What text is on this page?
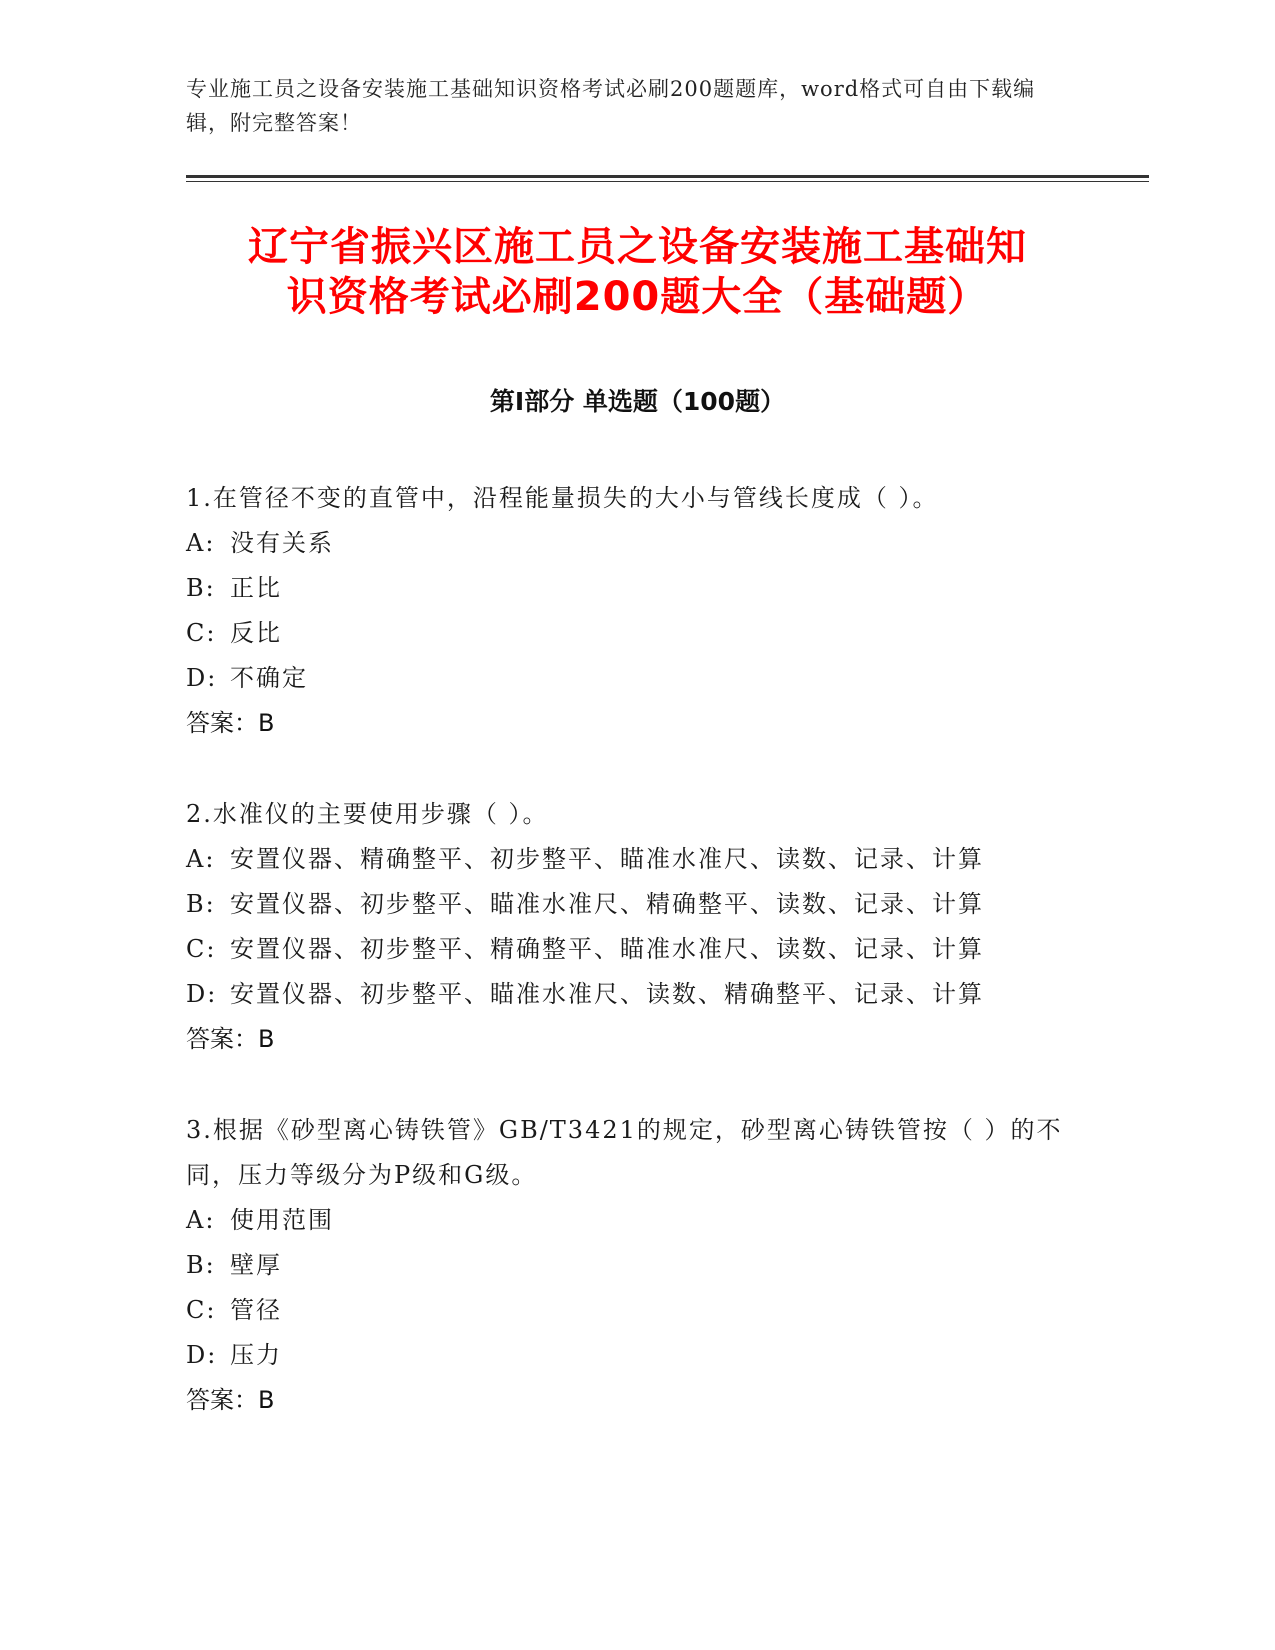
专业施工员之设备安装施工基础知识资格考试必刷200题题库，word格式可自由下载编辑，附完整答案！
辽宁省振兴区施工员之设备安装施工基础知
识资格考试必刷200题大全（基础题）
第I部分 单选题（100题）
1.在管径不变的直管中，沿程能量损失的大小与管线长度成（ ）。
A: 没有关系
B: 正比
C: 反比
D: 不确定
答案：B
2.水准仪的主要使用步骤（ ）。
A: 安置仪器、精确整平、初步整平、瞄准水准尺、读数、记录、计算
B: 安置仪器、初步整平、瞄准水准尺、精确整平、读数、记录、计算
C: 安置仪器、初步整平、精确整平、瞄准水准尺、读数、记录、计算
D: 安置仪器、初步整平、瞄准水准尺、读数、精确整平、记录、计算
答案：B
3.根据《砂型离心铸铁管》GB/T3421的规定，砂型离心铸铁管按（ ）的不同，压力等级分为P级和G级。
A: 使用范围
B: 壁厚
C: 管径
D: 压力
答案：B
